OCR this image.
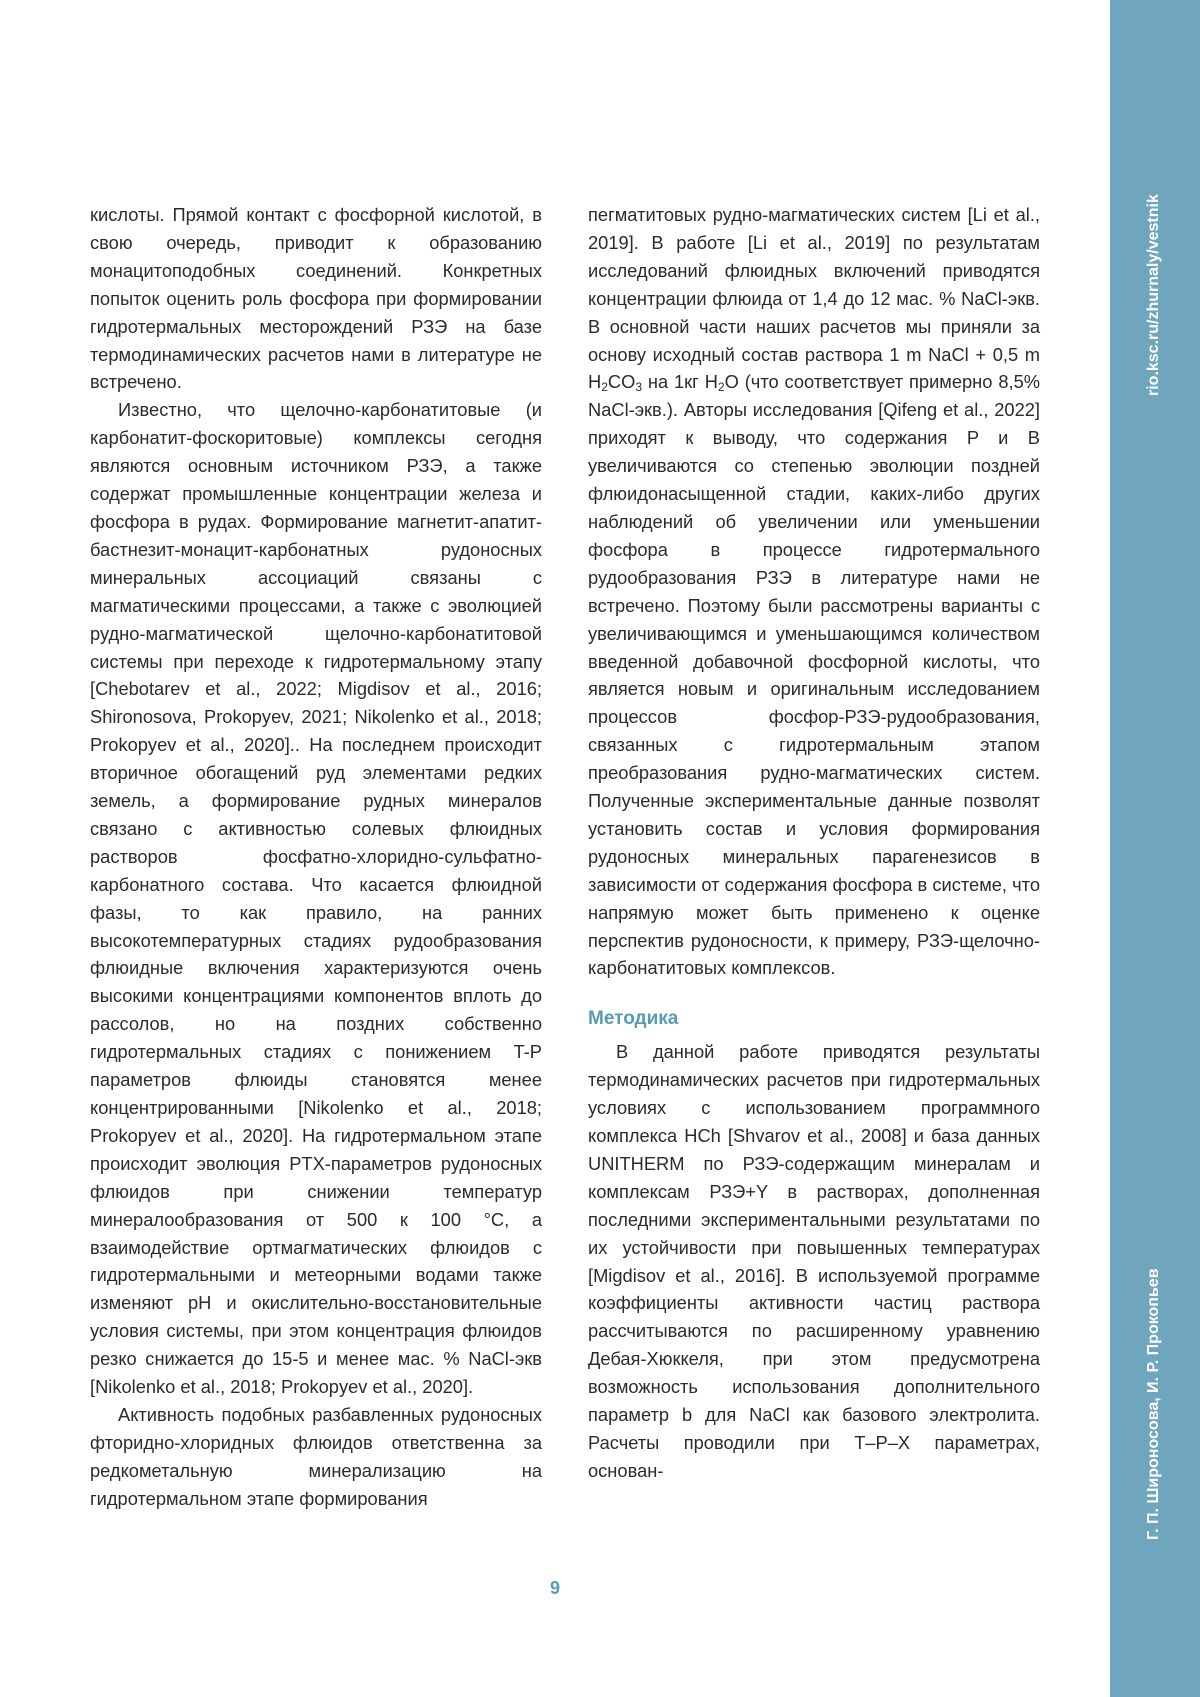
rio.ksc.ru/zhurnaly/vestnik
Г. П. Широносова, И. Р. Прокопьев

кислоты. Прямой контакт с фосфорной кислотой, в свою очередь, приводит к образованию монацитоподобных соединений. Конкретных попыток оценить роль фосфора при формировании гидротермальных месторождений РЗЭ на базе термодинамических расчетов нами в литературе не встречено.

Известно, что щелочно-карбонатитовые (и карбонатит-фоскоритовые) комплексы сегодня являются основным источником РЗЭ, а также содержат промышленные концентрации железа и фосфора в рудах. Формирование магнетит-апатит-бастнезит-монацит-карбонатных рудоносных минеральных ассоциаций связаны с магматическими процессами, а также с эволюцией рудно-магматической щелочно-карбонатитовой системы при переходе к гидротермальному этапу [Chebotarev et al., 2022; Migdisov et al., 2016; Shironosova, Prokopyev, 2021; Nikolenko et al., 2018; Prokopyev et al., 2020].. На последнем происходит вторичное обогащений руд элементами редких земель, а формирование рудных минералов связано с активностью солевых флюидных растворов фосфатно-хлоридно-сульфатно-карбонатного состава. Что касается флюидной фазы, то как правило, на ранних высокотемпературных стадиях рудообразования флюидные включения характеризуются очень высокими концентрациями компонентов вплоть до рассолов, но на поздних собственно гидротермальных стадиях с понижением T-P параметров флюиды становятся менее концентрированными [Nikolenko et al., 2018; Prokopyev et al., 2020]. На гидротермальном этапе происходит эволюция PTX-параметров рудоносных флюидов при снижении температур минералообразования от 500 к 100 °С, а взаимодействие ортмагматических флюидов с гидротермальными и метеорными водами также изменяют pH и окислительно-восстановительные условия системы, при этом концентрация флюидов резко снижается до 15-5 и менее мас. % NaCl-экв [Nikolenko et al., 2018; Prokopyev et al., 2020].

Активность подобных разбавленных рудоносных фторидно-хлоридных флюидов ответственна за редкометальную минерализацию на гидротермальном этапе формирования

пегматитовых рудно-магматических систем [Li et al., 2019]. В работе [Li et al., 2019] по результатам исследований флюидных включений приводятся концентрации флюида от 1,4 до 12 мас. % NaCl-экв. В основной части наших расчетов мы приняли за основу исходный состав раствора 1 m NaCl + 0,5 m $H_2CO_3$ на 1кг $H_2O$ (что соответствует примерно 8,5% NaCl-экв.). Авторы исследования [Qifeng et al., 2022] приходят к выводу, что содержания P и B увеличиваются со степенью эволюции поздней флюидонасыщенной стадии, каких-либо других наблюдений об увеличении или уменьшении фосфора в процессе гидротермального рудообразования РЗЭ в литературе нами не встречено. Поэтому были рассмотрены варианты с увеличивающимся и уменьшающимся количеством введенной добавочной фосфорной кислоты, что является новым и оригинальным исследованием процессов фосфор-РЗЭ-рудообразования, связанных с гидротермальным этапом преобразования рудно-магматических систем. Полученные экспериментальные данные позволят установить состав и условия формирования рудоносных минеральных парагенезисов в зависимости от содержания фосфора в системе, что напрямую может быть применено к оценке перспектив рудоносности, к примеру, РЗЭ-щелочно-карбонатитовых комплексов.

Методика

В данной работе приводятся результаты термодинамических расчетов при гидротермальных условиях с использованием программного комплекса HCh [Shvarov et al., 2008] и база данных UNITHERM по РЗЭ-содержащим минералам и комплексам РЗЭ+Y в растворах, дополненная последними экспериментальными результатами по их устойчивости при повышенных температурах [Migdisov et al., 2016]. В используемой программе коэффициенты активности частиц раствора рассчитываются по расширенному уравнению Дебая-Хюккеля, при этом предусмотрена возможность использования дополнительного параметр b для NaCl как базового электролита. Расчеты проводили при T–P–X параметрах, основан-

9
